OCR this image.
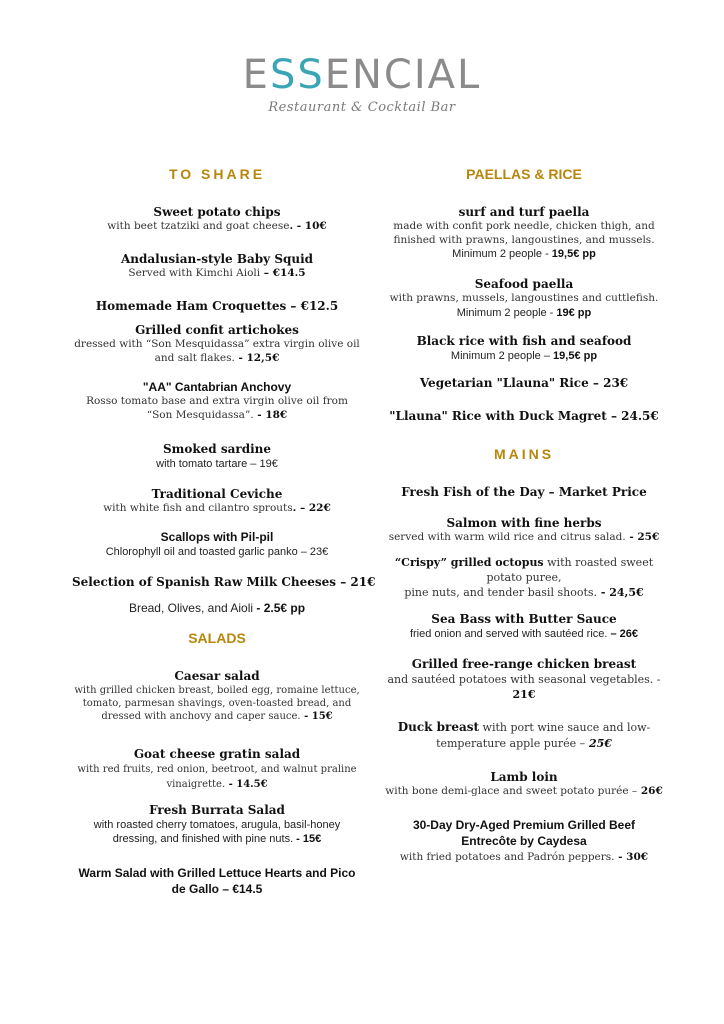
ESSENCIAL
Restaurant & Cocktail Bar
TO SHARE
Sweet potato chips
with beet tzatziki and goat cheese. - 10€
Andalusian-style Baby Squid
Served with Kimchi Aioli – €14.5
Homemade Ham Croquettes – €12.5
Grilled confit artichokes
dressed with “Son Mesquidassa” extra virgin olive oil and salt flakes. - 12,5€
"AA" Cantabrian Anchovy
Rosso tomato base and extra virgin olive oil from “Son Mesquidassa”. - 18€
Smoked sardine
with tomato tartare – 19€
Traditional Ceviche
with white fish and cilantro sprouts. – 22€
Scallops with Pil-pil
Chlorophyll oil and toasted garlic panko – 23€
Selection of Spanish Raw Milk Cheeses – 21€
Bread, Olives, and Aioli - 2.5€ pp
SALADS
Caesar salad
with grilled chicken breast, boiled egg, romaine lettuce, tomato, parmesan shavings, oven-toasted bread, and dressed with anchovy and caper sauce. - 15€
Goat cheese gratin salad
with red fruits, red onion, beetroot, and walnut praline vinaigrette. - 14.5€
Fresh Burrata Salad
with roasted cherry tomatoes, arugula, basil-honey dressing, and finished with pine nuts. - 15€
Warm Salad with Grilled Lettuce Hearts and Pico de Gallo – €14.5
PAELLAS & RICE
surf and turf paella
made with confit pork needle, chicken thigh, and finished with prawns, langoustines, and mussels.
Minimum 2 people - 19,5€ pp
Seafood paella
with prawns, mussels, langoustines and cuttlefish.
Minimum 2 people - 19€ pp
Black rice with fish and seafood
Minimum 2 people – 19,5€ pp
Vegetarian "Llauna" Rice – 23€
"Llauna" Rice with Duck Magret – 24.5€
MAINS
Fresh Fish of the Day – Market Price
Salmon with fine herbs
served with warm wild rice and citrus salad. - 25€
“Crispy” grilled octopus with roasted sweet potato puree,
pine nuts, and tender basil shoots. - 24,5€
Sea Bass with Butter Sauce
fried onion and served with sautéed rice. – 26€
Grilled free-range chicken breast
and sautéed potatoes with seasonal vegetables. -
21€
Duck breast with port wine sauce and low-temperature apple purée – 25€
Lamb loin
with bone demi-glace and sweet potato purée – 26€
30-Day Dry-Aged Premium Grilled Beef Entrecôte by Caydesa
with fried potatoes and Padrón peppers. - 30€
